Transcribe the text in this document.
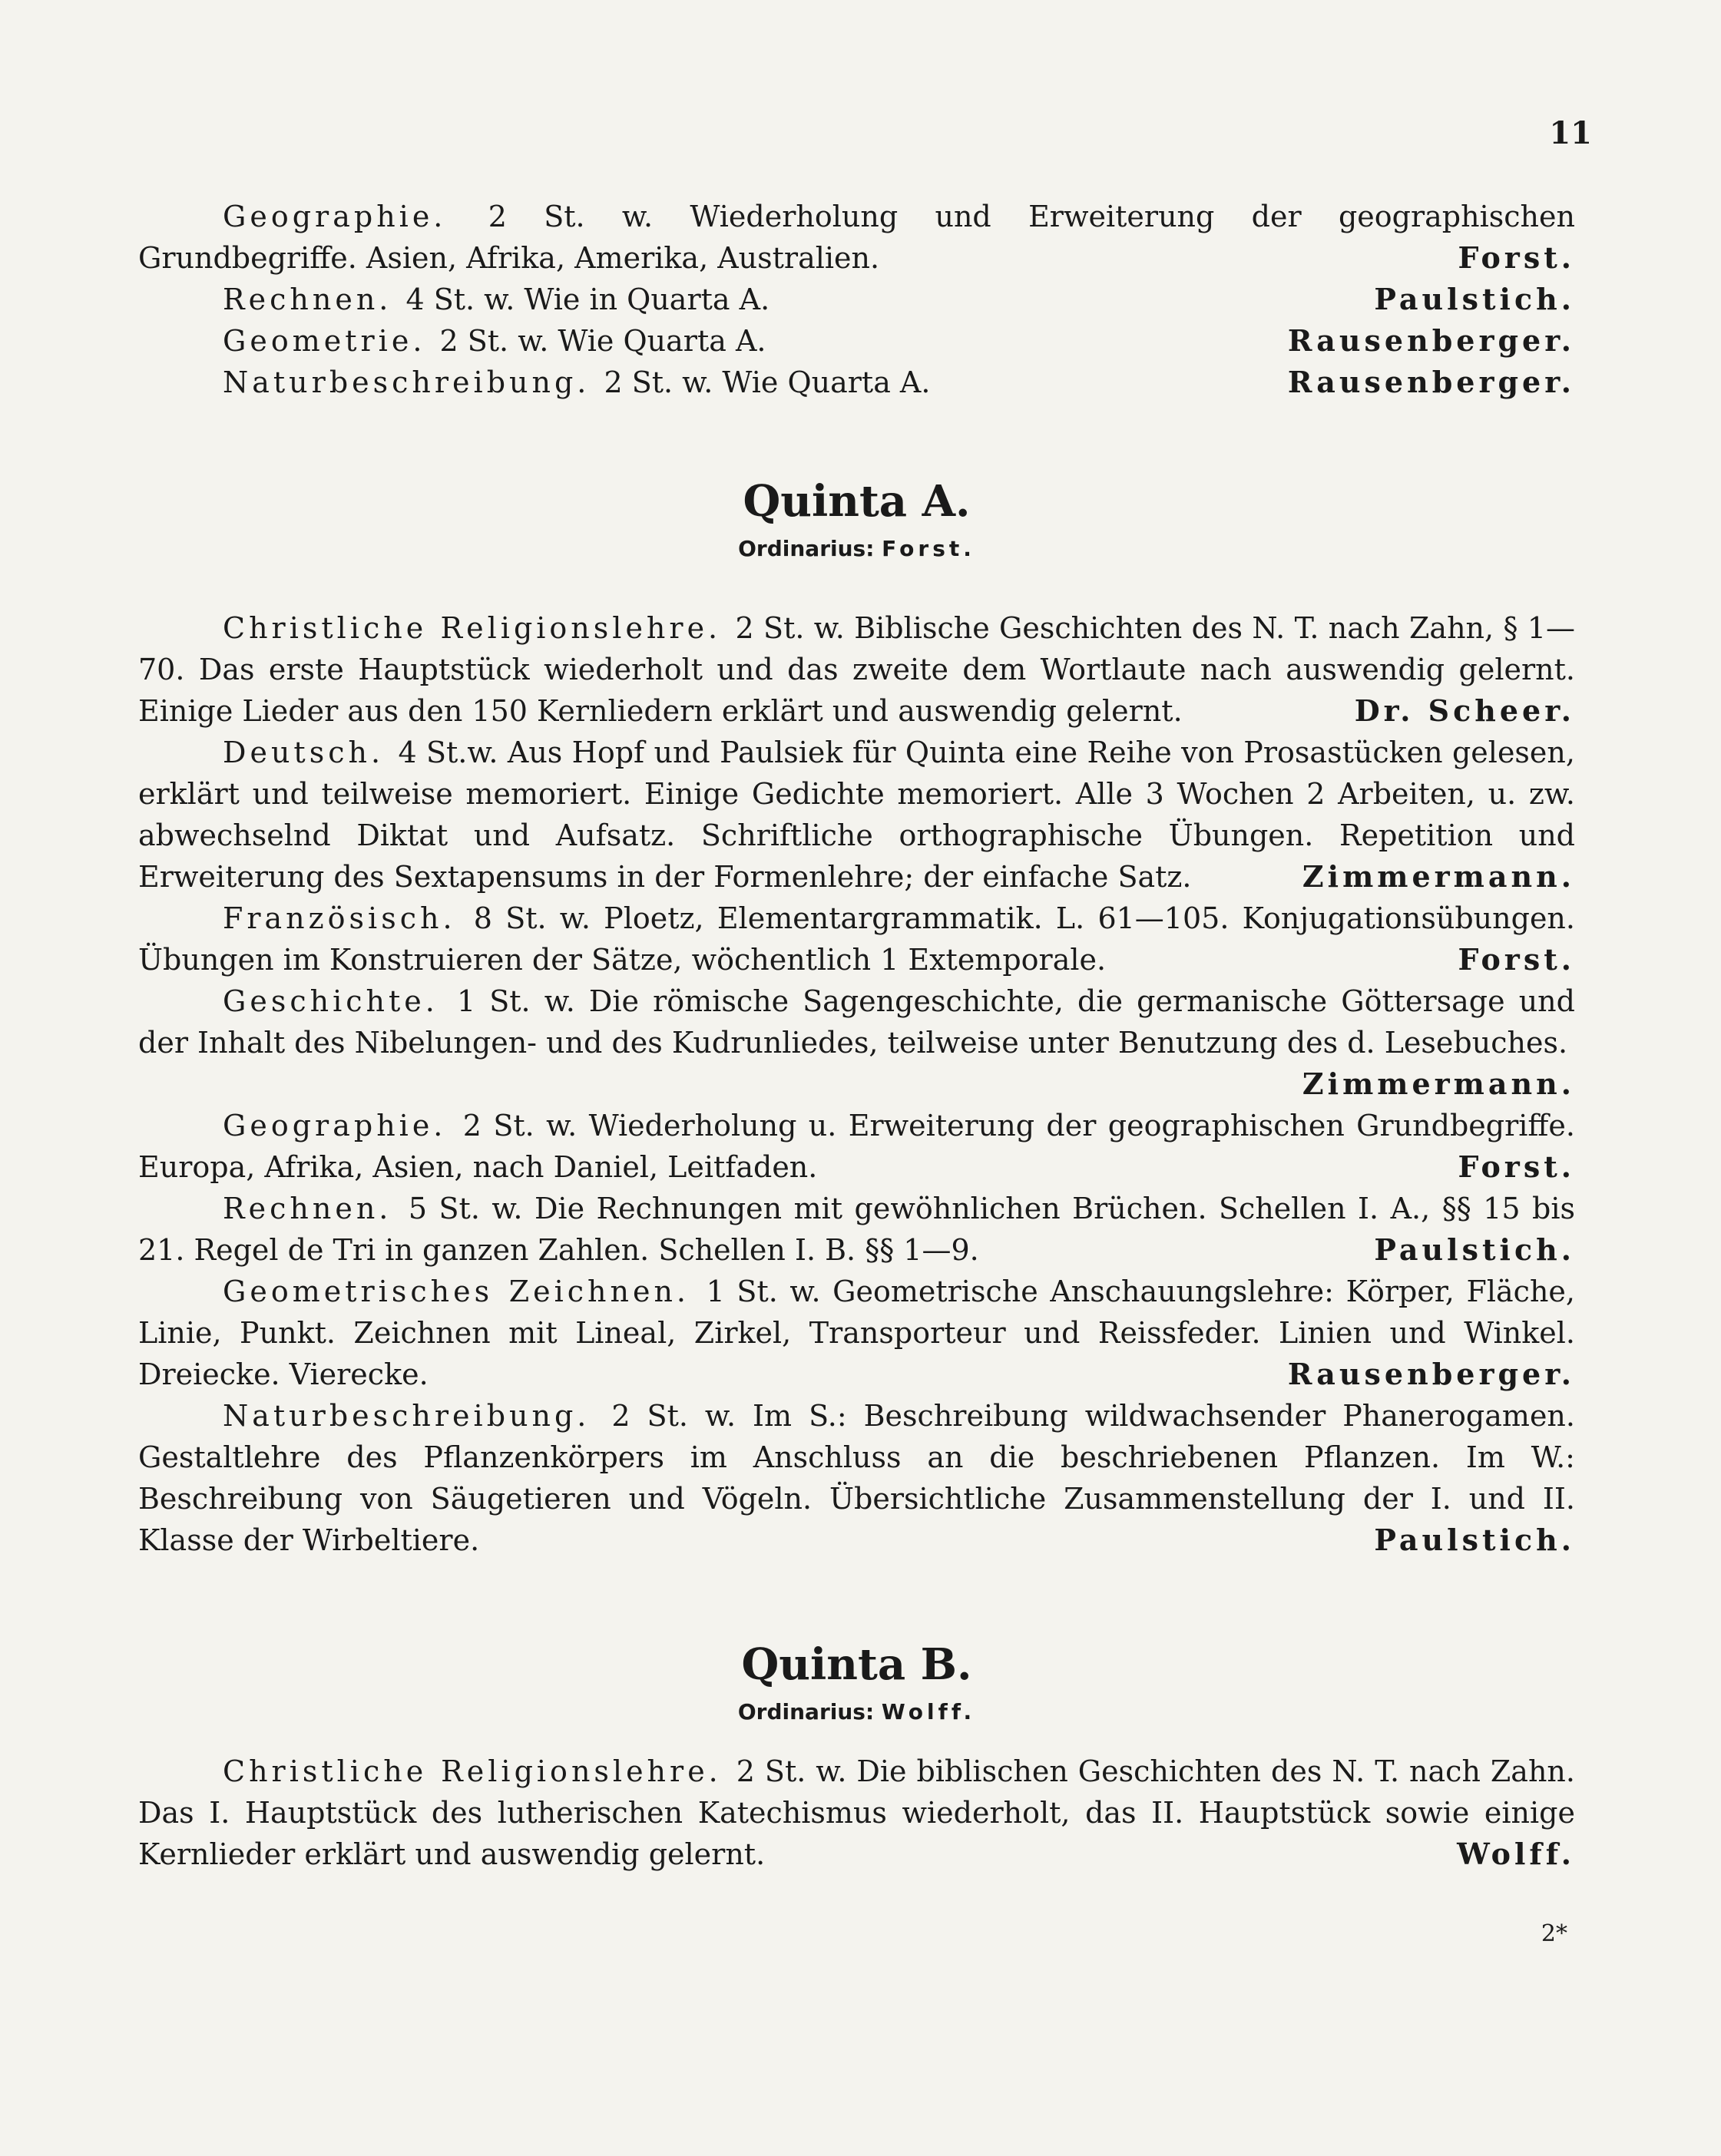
11

Geographie. 2 St. w. Wiederholung und Erweiterung der geographischen Grundbegriffe. Asien, Afrika, Amerika, Australien.	Forst.

Rechnen. 4 St. w. Wie in Quarta A.	Paulstich.

Geometrie. 2 St. w. Wie Quarta A.	Rausenberger.

Naturbeschreibung. 2 St. w. Wie Quarta A.	Rausenberger.

Quinta A.

Ordinarius: Forst.

Christliche Religionslehre. 2 St. w. Biblische Geschichten des N. T. nach Zahn, § 1— 70. Das erste Hauptstück wiederholt und das zweite dem Wortlaute nach auswendig gelernt. Einige Lieder aus den 150 Kernliedern erklärt und auswendig gelernt.	Dr. Scheer.

Deutsch. 4 St.w. Aus Hopf und Paulsiek für Quinta eine Reihe von Prosastücken gelesen, erklärt und teilweise memoriert. Einige Gedichte memoriert. Alle 3 Wochen 2 Arbeiten, u. zw. abwechselnd Diktat und Aufsatz. Schriftliche orthographische Übungen. Repetition und Erweiterung des Sextapensums in der Formenlehre; der einfache Satz.	Zimmermann.

Französisch. 8 St. w. Ploetz, Elementargrammatik. L. 61—105. Konjugationsübungen. Übungen im Konstruieren der Sätze, wöchentlich 1 Extemporale.	Forst.

Geschichte. 1 St. w. Die römische Sagengeschichte, die germanische Göttersage und der Inhalt des Nibelungen- und des Kudrunliedes, teilweise unter Benutzung des d. Lesebuches.
Zimmermann.

Geographie. 2 St. w. Wiederholung u. Erweiterung der geographischen Grundbegriffe. Europa, Afrika, Asien, nach Daniel, Leitfaden.	Forst.

Rechnen. 5 St. w. Die Rechnungen mit gewöhnlichen Brüchen. Schellen I. A., §§ 15 bis 21. Regel de Tri in ganzen Zahlen. Schellen I. B. §§ 1—9.	Paulstich.

Geometrisches Zeichnen. 1 St. w. Geometrische Anschauungslehre: Körper, Fläche, Linie, Punkt. Zeichnen mit Lineal, Zirkel, Transporteur und Reissfeder. Linien und Winkel. Dreiecke. Vierecke.	Rausenberger.

Naturbeschreibung. 2 St. w. Im S.: Beschreibung wildwachsender Phanerogamen. Gestaltlehre des Pflanzenkörpers im Anschluss an die beschriebenen Pflanzen. Im W.: Beschreibung von Säugetieren und Vögeln. Übersichtliche Zusammenstellung der I. und II. Klasse der Wirbeltiere.	Paulstich.

Quinta B.

Ordinarius: Wolff.

Christliche Religionslehre. 2 St. w. Die biblischen Geschichten des N. T. nach Zahn. Das I. Hauptstück des lutherischen Katechismus wiederholt, das II. Hauptstück sowie einige Kernlieder erklärt und auswendig gelernt.	Wolff.

2*
